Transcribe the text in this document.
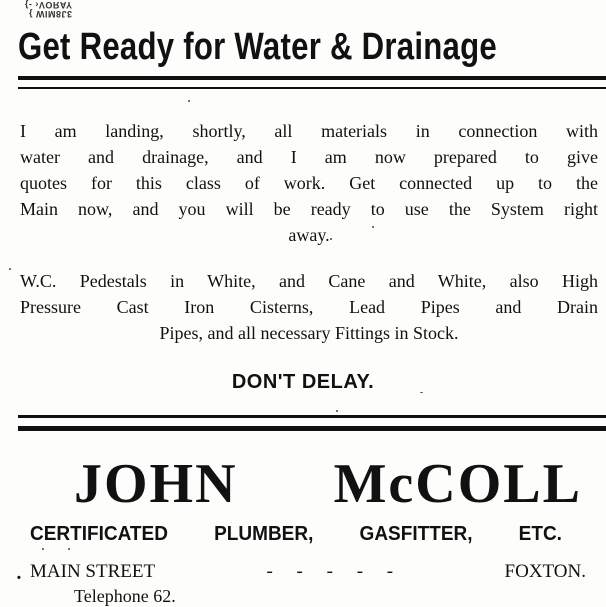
3J8MIW }
YAЯOV‹ -}
Get Ready for Water & Drainage
I am landing, shortly, all materials in connection with
water and drainage, and I am now prepared to give
quotes for this class of work. Get connected up to the
Main now, and you will be ready to use the System right
away.
W.C. Pedestals in White, and Cane and White, also High
Pressure Cast Iron Cisterns, Lead Pipes and Drain
Pipes, and all necessary Fittings in Stock.
DON'T DELAY.
JOHN McCOLL
CERTIFICATED PLUMBER, GASFITTER, ETC.
MAIN STREET	-     -     -     -     -	FOXTON.
•
Telephone 62.
